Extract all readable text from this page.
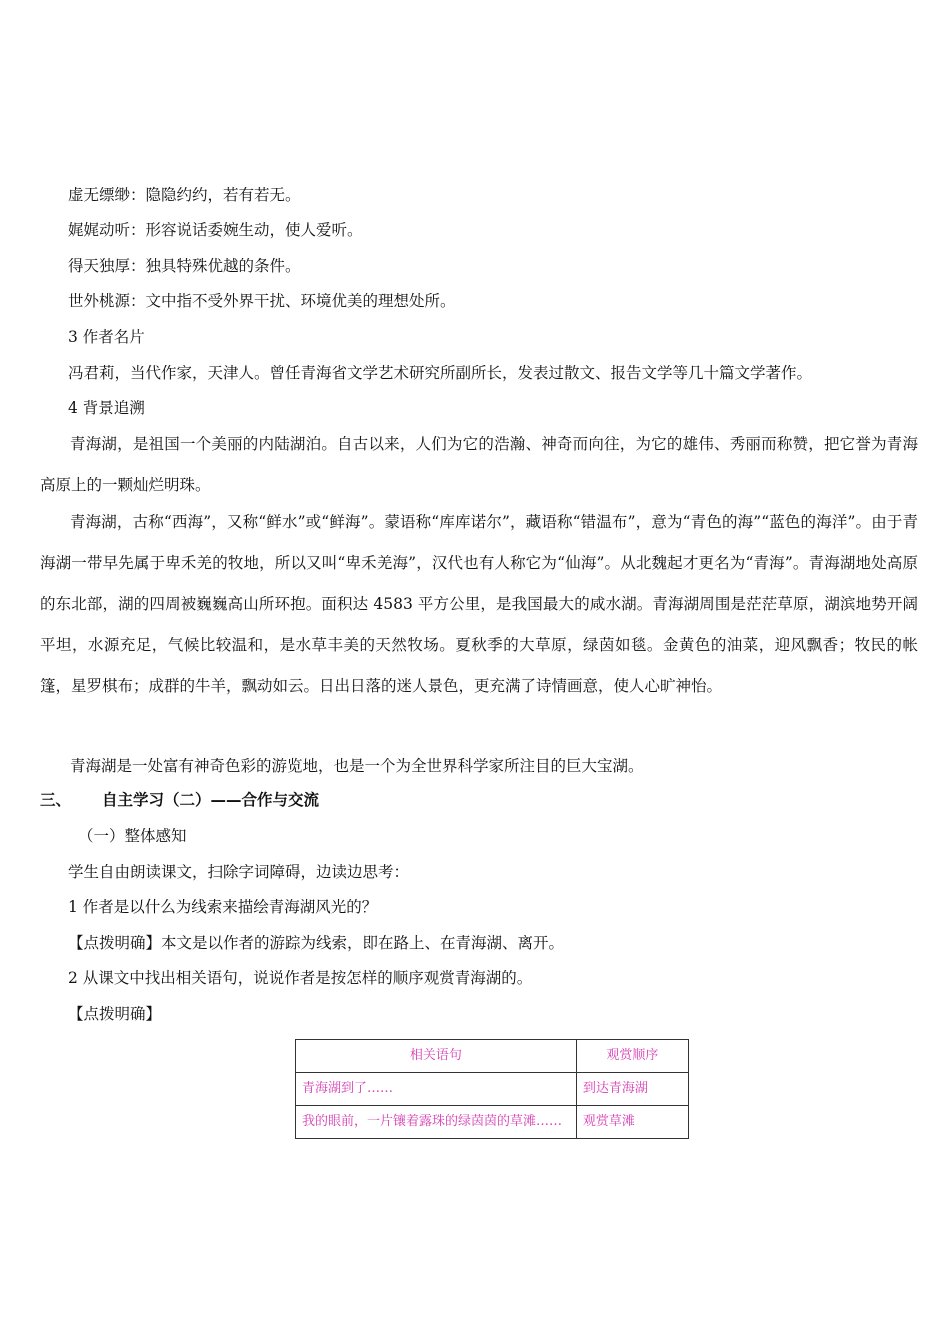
虚无缥缈：隐隐约约，若有若无。
娓娓动听：形容说话委婉生动，使人爱听。
得天独厚：独具特殊优越的条件。
世外桃源：文中指不受外界干扰、环境优美的理想处所。
3 作者名片
冯君莉，当代作家，天津人。曾任青海省文学艺术研究所副所长，发表过散文、报告文学等几十篇文学著作。
4 背景追溯
青海湖，是祖国一个美丽的内陆湖泊。自古以来，人们为它的浩瀚、神奇而向往，为它的雄伟、秀丽而称赞，把它誉为青海高原上的一颗灿烂明珠。
青海湖，古称“西海”，又称“鲜水”或“鲜海”。蒙语称“库库诺尔”，藏语称“错温布”，意为“青色的海”“蓝色的海洋”。由于青海湖一带早先属于卑禾羌的牧地，所以又叫“卑禾羌海”，汉代也有人称它为“仙海”。从北魏起才更名为“青海”。青海湖地处高原的东北部，湖的四周被巍巍高山所环抱。面积达 4583 平方公里，是我国最大的咸水湖。青海湖周围是茫茫草原，湖滨地势开阔平坦，水源充足，气候比较温和，是水草丰美的天然牧场。夏秋季的大草原，绿茵如毯。金黄色的油菜，迎风飘香；牧民的帐篷，星罗棋布；成群的牛羊，飘动如云。日出日落的迷人景色，更充满了诗情画意，使人心旷神怡。
青海湖是一处富有神奇色彩的游览地，也是一个为全世界科学家所注目的巨大宝湖。
三、 自主学习（二）——合作与交流
（一）整体感知
学生自由朗读课文，扫除字词障碍，边读边思考：
1 作者是以什么为线索来描绘青海湖风光的？
【点拨明确】本文是以作者的游踪为线索，即在路上、在青海湖、离开。
2 从课文中找出相关语句，说说作者是按怎样的顺序观赏青海湖的。
【点拨明确】
相关语句	观赏顺序
青海湖到了……	到达青海湖
我的眼前，一片镶着露珠的绿茵茵的草滩……	观赏草滩
